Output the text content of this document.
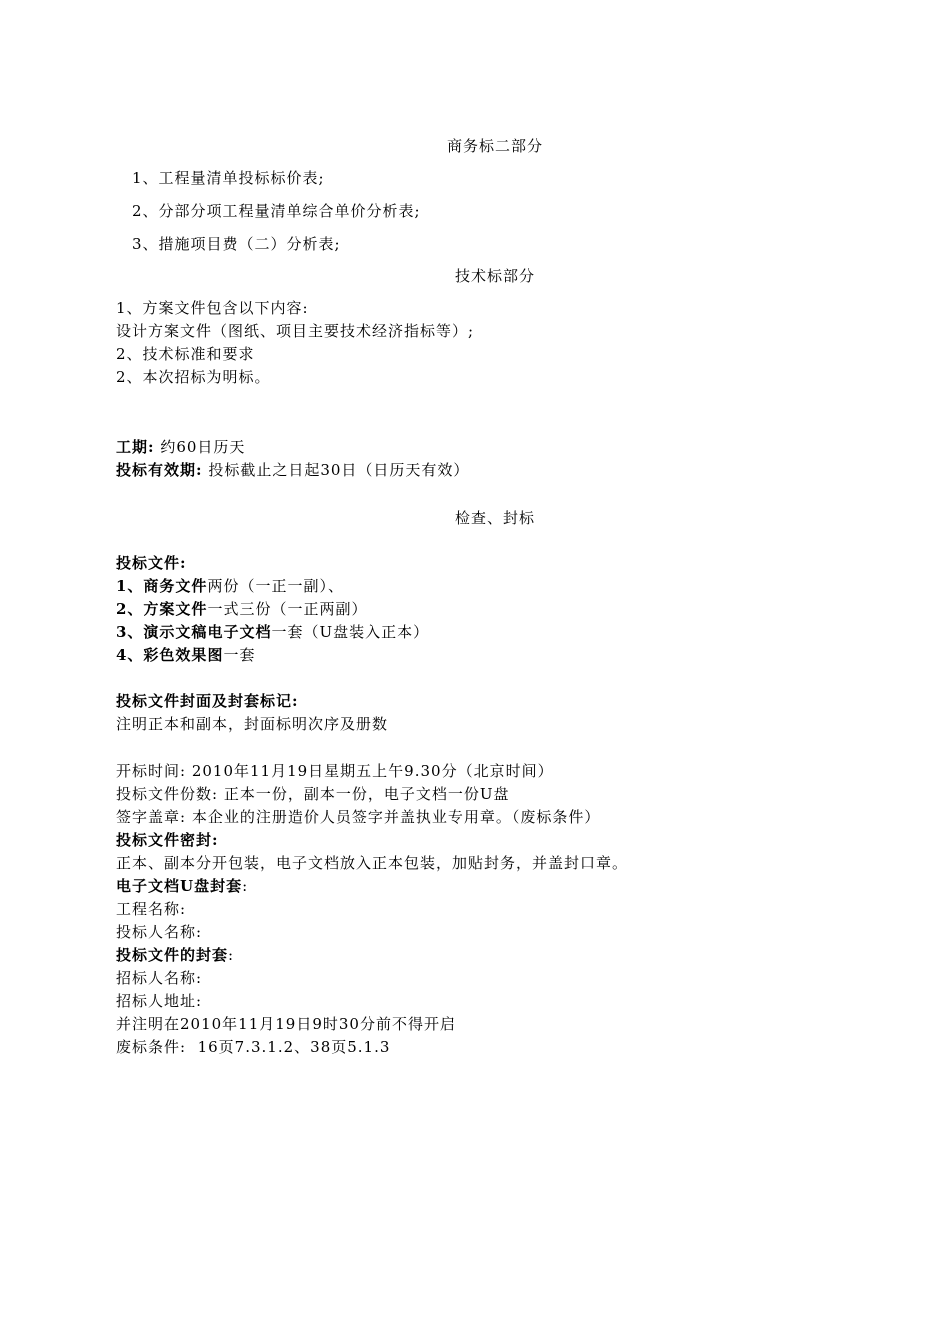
商务标二部分
1、工程量清单投标标价表;
2、分部分项工程量清单综合单价分析表;
3、措施项目费（二）分析表;
技术标部分
1、方案文件包含以下内容:
设计方案文件（图纸、项目主要技术经济指标等）;
2、技术标准和要求
2、本次招标为明标。
工期: 约60日历天
投标有效期: 投标截止之日起30日（日历天有效）
检查、封标
投标文件:
1、商务文件两份（一正一副）、
2、方案文件一式三份（一正两副）
3、演示文稿电子文档一套（U盘装入正本）
4、彩色效果图一套
投标文件封面及封套标记:
注明正本和副本，封面标明次序及册数
开标时间: 2010年11月19日星期五上午9.30分（北京时间）
投标文件份数: 正本一份，副本一份，电子文档一份U盘
签字盖章: 本企业的注册造价人员签字并盖执业专用章。（废标条件）
投标文件密封:
正本、副本分开包装，电子文档放入正本包装，加贴封务，并盖封口章。
电子文档U盘封套:
工程名称:
投标人名称:
投标文件的封套:
招标人名称:
招标人地址:
并注明在2010年11月19日9时30分前不得开启
废标条件:  16页7.3.1.2、38页5.1.3
